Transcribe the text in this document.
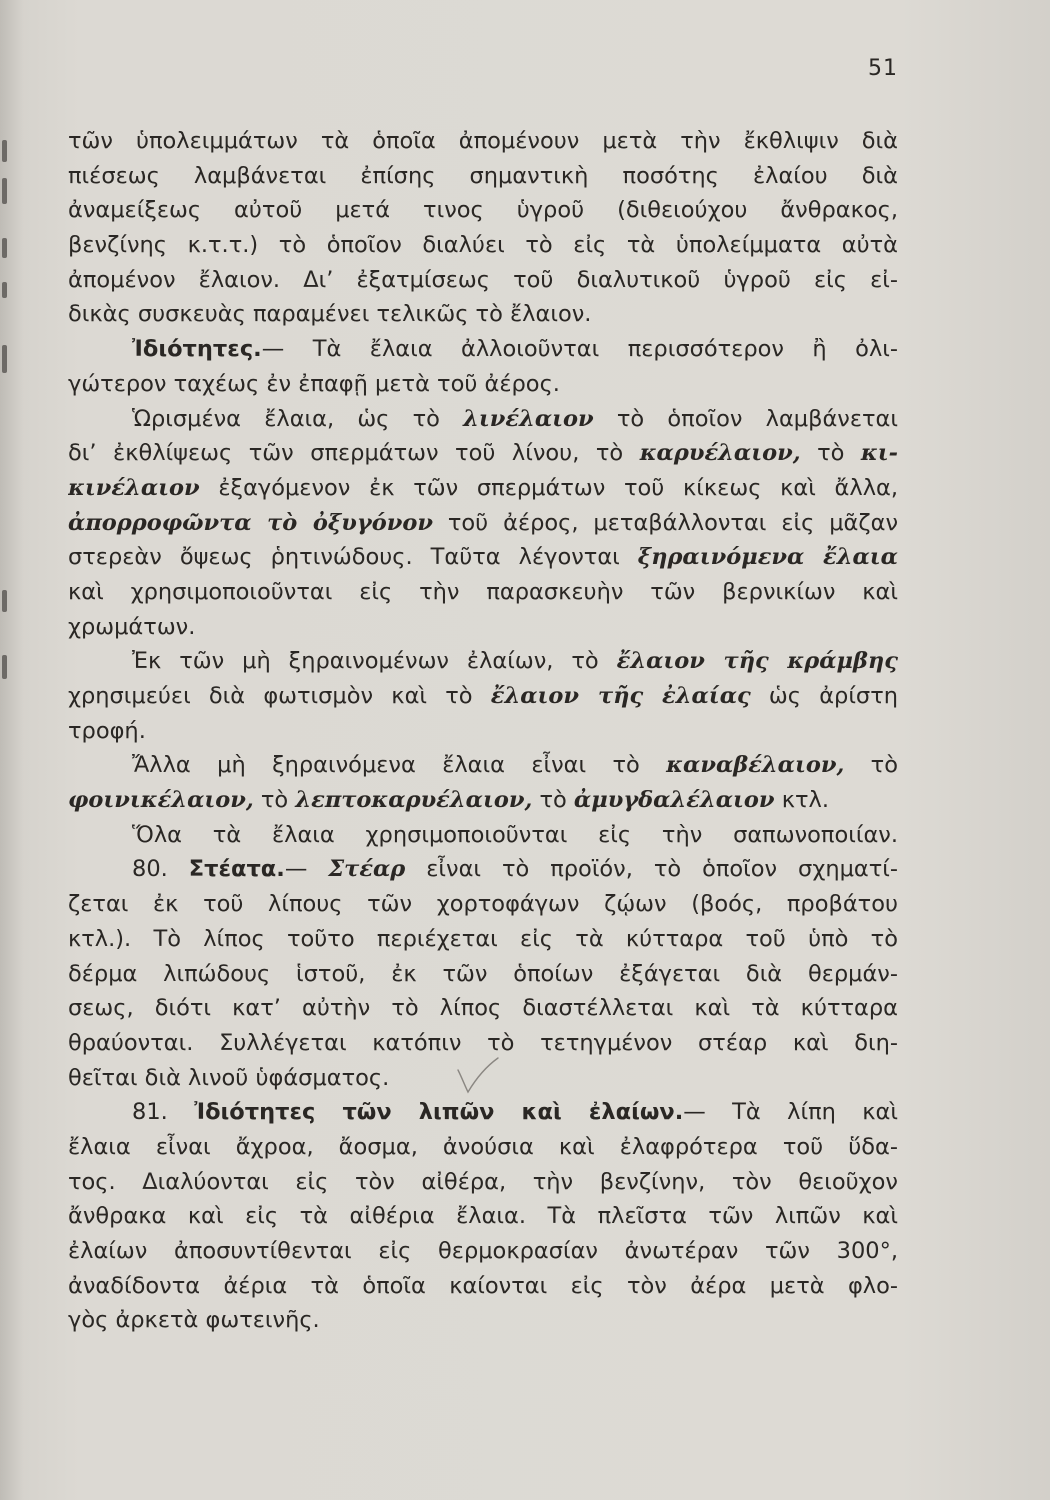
51
τῶν ὑπολειμμάτων τὰ ὁποῖα ἀπομένουν μετὰ τὴν ἔκθλιψιν διὰ
πιέσεως λαμβάνεται ἐπίσης σημαντικὴ ποσότης ἐλαίου διὰ
ἀναμείξεως αὐτοῦ μετά τινος ὑγροῦ (διθειούχου ἄνθρακος,
βενζίνης κ.τ.τ.) τὸ ὁποῖον διαλύει τὸ εἰς τὰ ὑπολείμματα αὐτὰ
ἀπομένον ἔλαιον. Δι’ ἐξατμίσεως τοῦ διαλυτικοῦ ὑγροῦ εἰς εἰ-
δικὰς συσκευὰς παραμένει τελικῶς τὸ ἔλαιον.
Ἰδιότητες.— Τὰ ἔλαια ἀλλοιοῦνται περισσότερον ἢ ὀλι-
γώτερον ταχέως ἐν ἐπαφῇ μετὰ τοῦ ἀέρος.
Ὡρισμένα ἔλαια, ὡς τὸ λινέλαιον τὸ ὁποῖον λαμβάνεται
δι’ ἐκθλίψεως τῶν σπερμάτων τοῦ λίνου, τὸ καρυέλαιον, τὸ κι-
κινέλαιον ἐξαγόμενον ἐκ τῶν σπερμάτων τοῦ κίκεως καὶ ἄλλα,
ἀπορροφῶντα τὸ ὀξυγόνον τοῦ ἀέρος, μεταβάλλονται εἰς μᾶζαν
στερεὰν ὄψεως ῥητινώδους. Ταῦτα λέγονται ξηραινόμενα ἔλαια
καὶ χρησιμοποιοῦνται εἰς τὴν παρασκευὴν τῶν βερνικίων καὶ
χρωμάτων.
Ἐκ τῶν μὴ ξηραινομένων ἐλαίων, τὸ ἔλαιον τῆς κράμβης
χρησιμεύει διὰ φωτισμὸν καὶ τὸ ἔλαιον τῆς ἐλαίας ὡς ἀρίστη
τροφή.
Ἄλλα μὴ ξηραινόμενα ἔλαια εἶναι τὸ καναβέλαιον, τὸ
φοινικέλαιον, τὸ λεπτοκαρυέλαιον, τὸ ἀμυγδαλέλαιον κτλ.
Ὅλα τὰ ἔλαια χρησιμοποιοῦνται εἰς τὴν σαπωνοποιίαν.
80. Στέατα.— Στέαρ εἶναι τὸ προϊόν, τὸ ὁποῖον σχηματί-
ζεται ἐκ τοῦ λίπους τῶν χορτοφάγων ζῴων (βοός, προβάτου
κτλ.). Τὸ λίπος τοῦτο περιέχεται εἰς τὰ κύτταρα τοῦ ὑπὸ τὸ
δέρμα λιπώδους ἱστοῦ, ἐκ τῶν ὁποίων ἐξάγεται διὰ θερμάν-
σεως, διότι κατ’ αὐτὴν τὸ λίπος διαστέλλεται καὶ τὰ κύτταρα
θραύονται. Συλλέγεται κατόπιν τὸ τετηγμένον στέαρ καὶ διη-
θεῖται διὰ λινοῦ ὑφάσματος.
81. Ἰδιότητες τῶν λιπῶν καὶ ἐλαίων.— Τὰ λίπη καὶ
ἔλαια εἶναι ἄχροα, ἄοσμα, ἀνούσια καὶ ἐλαφρότερα τοῦ ὕδα-
τος. Διαλύονται εἰς τὸν αἰθέρα, τὴν βενζίνην, τὸν θειοῦχον
ἄνθρακα καὶ εἰς τὰ αἰθέρια ἔλαια. Τὰ πλεῖστα τῶν λιπῶν καὶ
ἐλαίων ἀποσυντίθενται εἰς θερμοκρασίαν ἀνωτέραν τῶν 300°,
ἀναδίδοντα ἀέρια τὰ ὁποῖα καίονται εἰς τὸν ἀέρα μετὰ φλο-
γὸς ἀρκετὰ φωτεινῆς.
